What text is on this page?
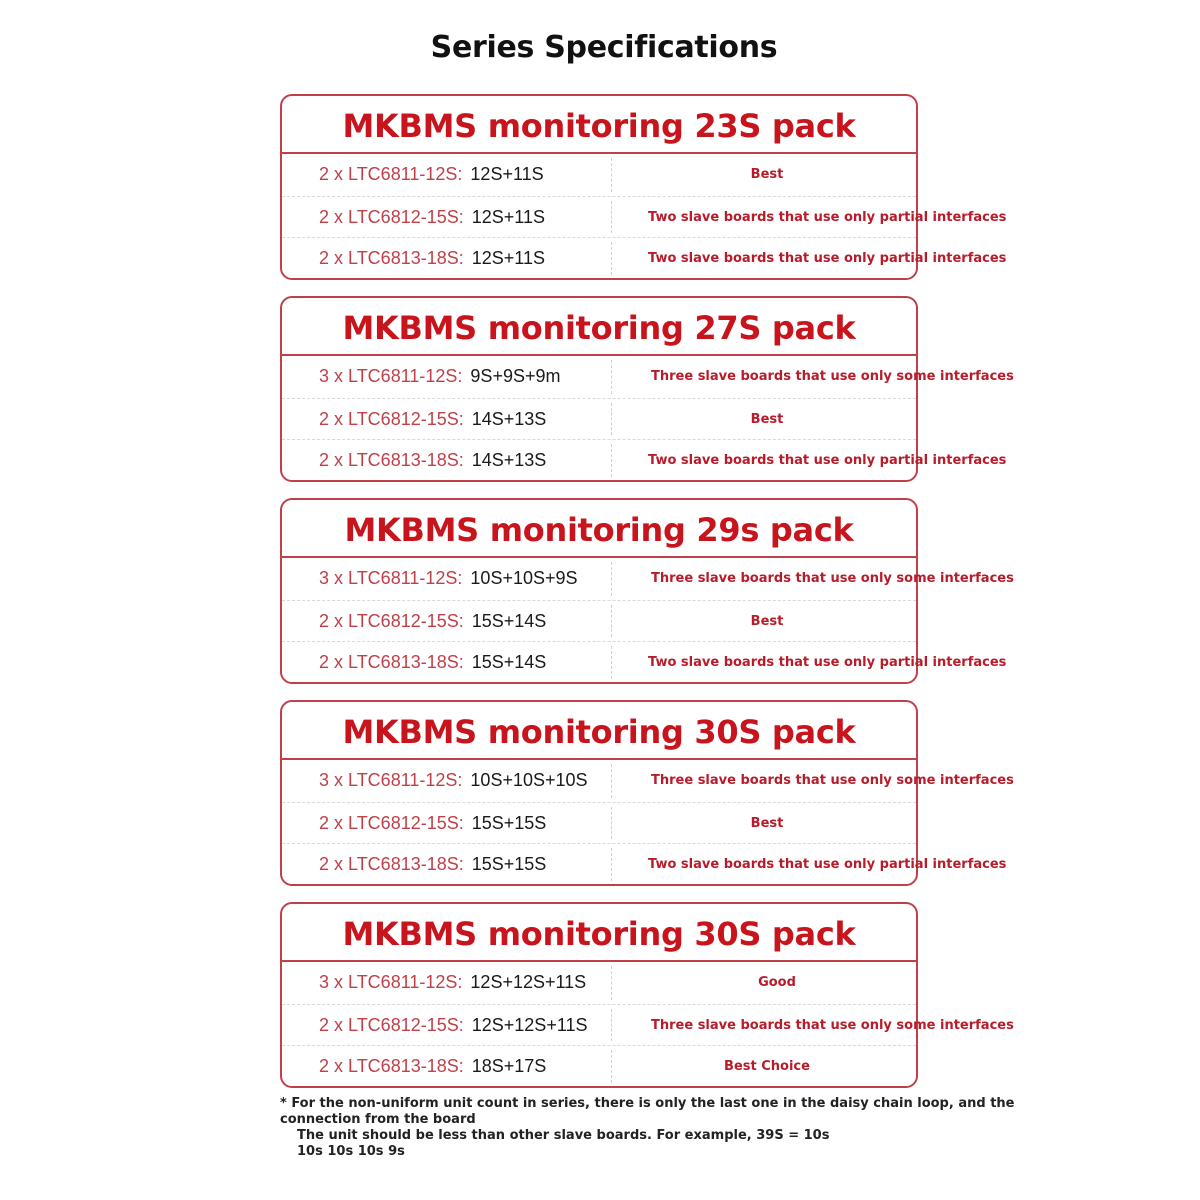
Series Specifications
MKBMS monitoring 23S pack
2 x LTC6811-12S: 12S+11S	Best
2 x LTC6812-15S: 12S+11S	Two slave boards that use only partial interfaces
2 x LTC6813-18S: 12S+11S	Two slave boards that use only partial interfaces
MKBMS monitoring 27S pack
3 x LTC6811-12S: 9S+9S+9m	Three slave boards that use only some interfaces
2 x LTC6812-15S: 14S+13S	Best
2 x LTC6813-18S: 14S+13S	Two slave boards that use only partial interfaces
MKBMS monitoring 29s pack
3 x LTC6811-12S: 10S+10S+9S	Three slave boards that use only some interfaces
2 x LTC6812-15S: 15S+14S	Best
2 x LTC6813-18S: 15S+14S	Two slave boards that use only partial interfaces
MKBMS monitoring 30S pack
3 x LTC6811-12S: 10S+10S+10S	Three slave boards that use only some interfaces
2 x LTC6812-15S: 15S+15S	Best
2 x LTC6813-18S: 15S+15S	Two slave boards that use only partial interfaces
MKBMS monitoring 30S pack
3 x LTC6811-12S: 12S+12S+11S	Good
2 x LTC6812-15S: 12S+12S+11S	Three slave boards that use only some interfaces
2 x LTC6813-18S: 18S+17S	Best Choice
* For the non-uniform unit count in series, there is only the last one in the daisy chain loop, and the connection from the board
The unit should be less than other slave boards. For example, 39S = 10s 10s 10s 10s 9s
